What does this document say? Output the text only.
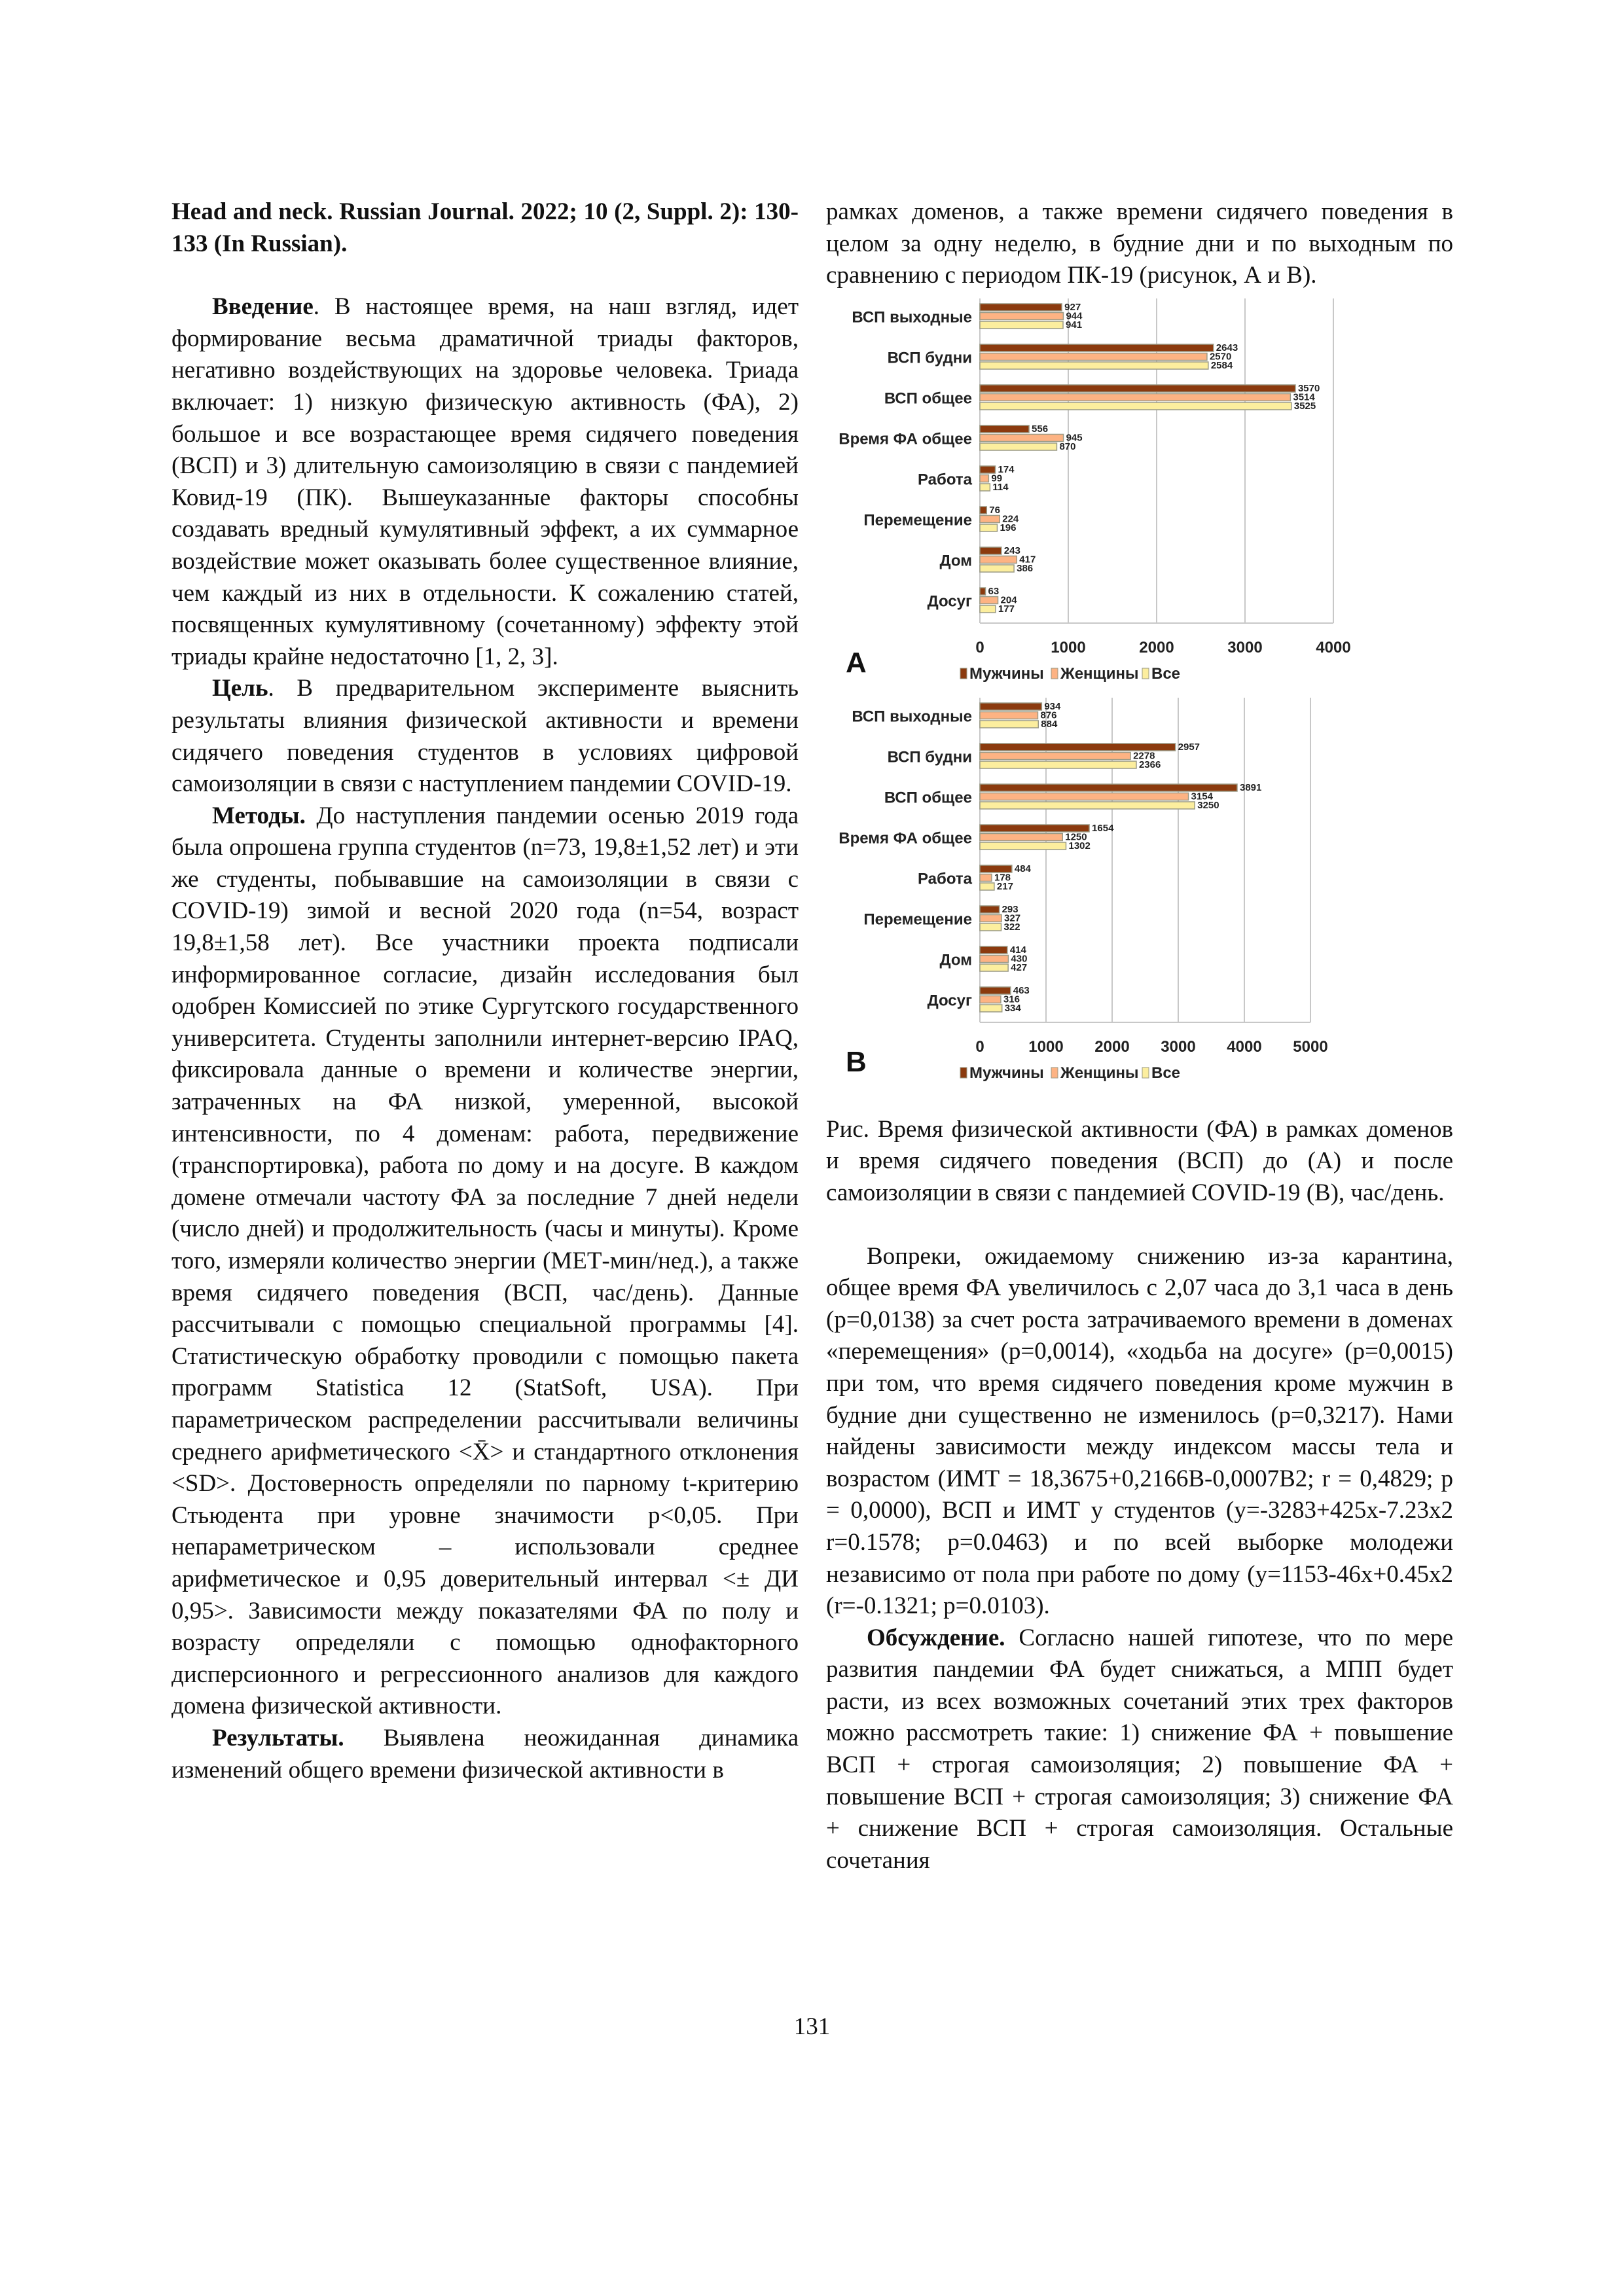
Head and neck. Russian Journal. 2022; 10 (2, Suppl. 2): 130-133 (In Russian).

Введение. В настоящее время, на наш взгляд, идет формирование весьма драматичной триады факторов, негативно воздействующих на здоровье человека. Триада включает: 1) низкую физическую активность (ФА), 2) большое и все возрастающее время сидячего поведения (ВСП) и 3) длительную самоизоляцию в связи с пандемией Ковид-19 (ПК). Вышеуказанные факторы способны создавать вредный кумулятивный эффект, а их суммарное воздействие может оказывать более существенное влияние, чем каждый из них в отдельности. К сожалению статей, посвященных кумулятивному (сочетанному) эффекту этой триады крайне недостаточно [1, 2, 3].

Цель. В предварительном эксперименте выяснить результаты влияния физической активности и времени сидячего поведения студентов в условиях цифровой самоизоляции в связи с наступлением пандемии COVID-19.

Методы. До наступления пандемии осенью 2019 года была опрошена группа студентов (n=73, 19,8±1,52 лет) и эти же студенты, побывавшие на самоизоляции в связи с COVID-19) зимой и весной 2020 года (n=54, возраст 19,8±1,58 лет). Все участники проекта подписали информированное согласие, дизайн исследования был одобрен Комиссией по этике Сургутского государственного университета. Студенты заполнили интернет-версию IPAQ, фиксировала данные о времени и количестве энергии, затраченных на ФА низкой, умеренной, высокой интенсивности, по 4 доменам: работа, передвижение (транспортировка), работа по дому и на досуге. В каждом домене отмечали частоту ФА за последние 7 дней недели (число дней) и продолжительность (часы и минуты). Кроме того, измеряли количество энергии (МЕТ-мин/нед.), а также время сидячего поведения (ВСП, час/день). Данные рассчитывали с помощью специальной программы [4]. Статистическую обработку проводили с помощью пакета программ Statistica 12 (StatSoft, USA). При параметрическом распределении рассчитывали величины среднего арифметического <X̄> и стандартного отклонения <SD>. Достоверность определяли по парному t-критерию Стьюдента при уровне значимости p<0,05. При непараметрическом – использовали среднее арифметическое и 0,95 доверительный интервал <± ДИ 0,95>. Зависимости между показателями ФА по полу и возрасту определяли с помощью однофакторного дисперсионного и регрессионного анализов для каждого домена физической активности.

Результаты. Выявлена неожиданная динамика изменений общего времени физической активности в

рамках доменов, а также времени сидячего поведения в целом за одну неделю, в будние дни и по выходным по сравнению с периодом ПК-19 (рисунок, А и В).

0	1000	2000	3000	4000
ВСП выходные
927
944
941
ВСП будни
2643
2570
2584
ВСП общее
3570
3514
3525
Время ФА общее
556
945
870
Работа
174
99
114
Перемещение
76
224
196
Дом
243
417
386
Досуг
63
204
177
A	Мужчины Женщины Все
0	1000 2000 3000 4000 5000
ВСП выходные
934
876
884
ВСП будни
2957
2278
2366
ВСП общее
3891
3154
3250
Время ФА общее
1654
1250
1302
Работа
484
178
217
Перемещение
293
327
322
Дом
414
430
427
Досуг
463
316
334
B	Мужчины Женщины Все

Рис. Время физической активности (ФА) в рамках доменов и время сидячего поведения (ВСП) до (А) и после самоизоляции в связи с пандемией COVID-19 (В), час/день.

Вопреки, ожидаемому снижению из-за карантина, общее время ФА увеличилось с 2,07 часа до 3,1 часа в день (p=0,0138) за счет роста затрачиваемого времени в доменах «перемещения» (p=0,0014), «ходьба на досуге» (p=0,0015) при том, что время сидячего поведения кроме мужчин в будние дни существенно не изменилось (p=0,3217). Нами найдены зависимости между индексом массы тела и возрастом (ИМТ = 18,3675+0,2166В-0,0007В2; r = 0,4829; p = 0,0000), ВСП и ИМТ у студентов (y=-3283+425x-7.23x2 r=0.1578; p=0.0463) и по всей выборке молодежи независимо от пола при работе по дому (y=1153-46x+0.45x2 (r=-0.1321; p=0.0103).

Обсуждение. Согласно нашей гипотезе, что по мере развития пандемии ФА будет снижаться, а МПП будет расти, из всех возможных сочетаний этих трех факторов можно рассмотреть такие: 1) снижение ФА + повышение ВСП + строгая самоизоляция; 2) повышение ФА + повышение ВСП + строгая самоизоляция; 3) снижение ФА + снижение ВСП + строгая самоизоляция. Остальные сочетания

131
